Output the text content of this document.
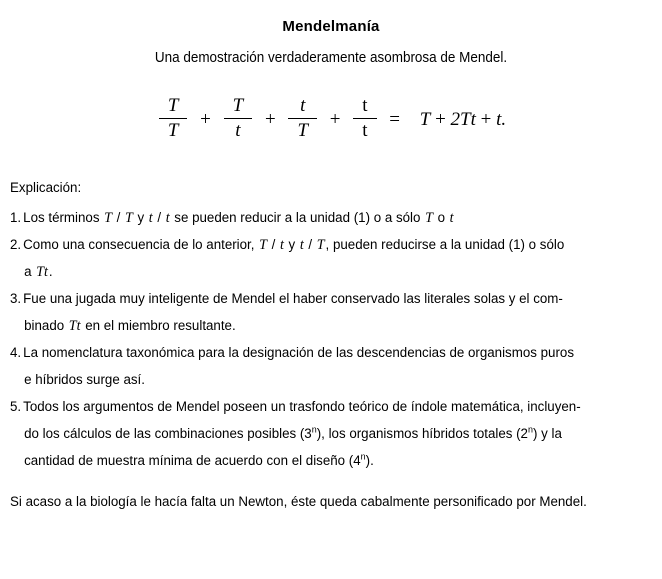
Mendelmanía
Una demostración verdaderamente asombrosa de Mendel.
$\frac{T}{T} + \frac{T}{t} + \frac{t}{T} + \frac{t}{t} = T + 2Tt + t$.
Explicación:
1. Los términos T / T y t / t se pueden reducir a la unidad (1) o a sólo T o t
2. Como una consecuencia de lo anterior, T / t y t / T, pueden reducirse a la unidad (1) o sólo
a Tt.
3. Fue una jugada muy inteligente de Mendel el haber conservado las literales solas y el com-
binado Tt en el miembro resultante.
4. La nomenclatura taxonómica para la designación de las descendencias de organismos puros
e híbridos surge así.
5. Todos los argumentos de Mendel poseen un trasfondo teórico de índole matemática, incluyen-
do los cálculos de las combinaciones posibles (3$^n$), los organismos híbridos totales (2$^n$) y la
cantidad de muestra mínima de acuerdo con el diseño (4$^n$).
Si acaso a la biología le hacía falta un Newton, éste queda cabalmente personificado por Mendel.
